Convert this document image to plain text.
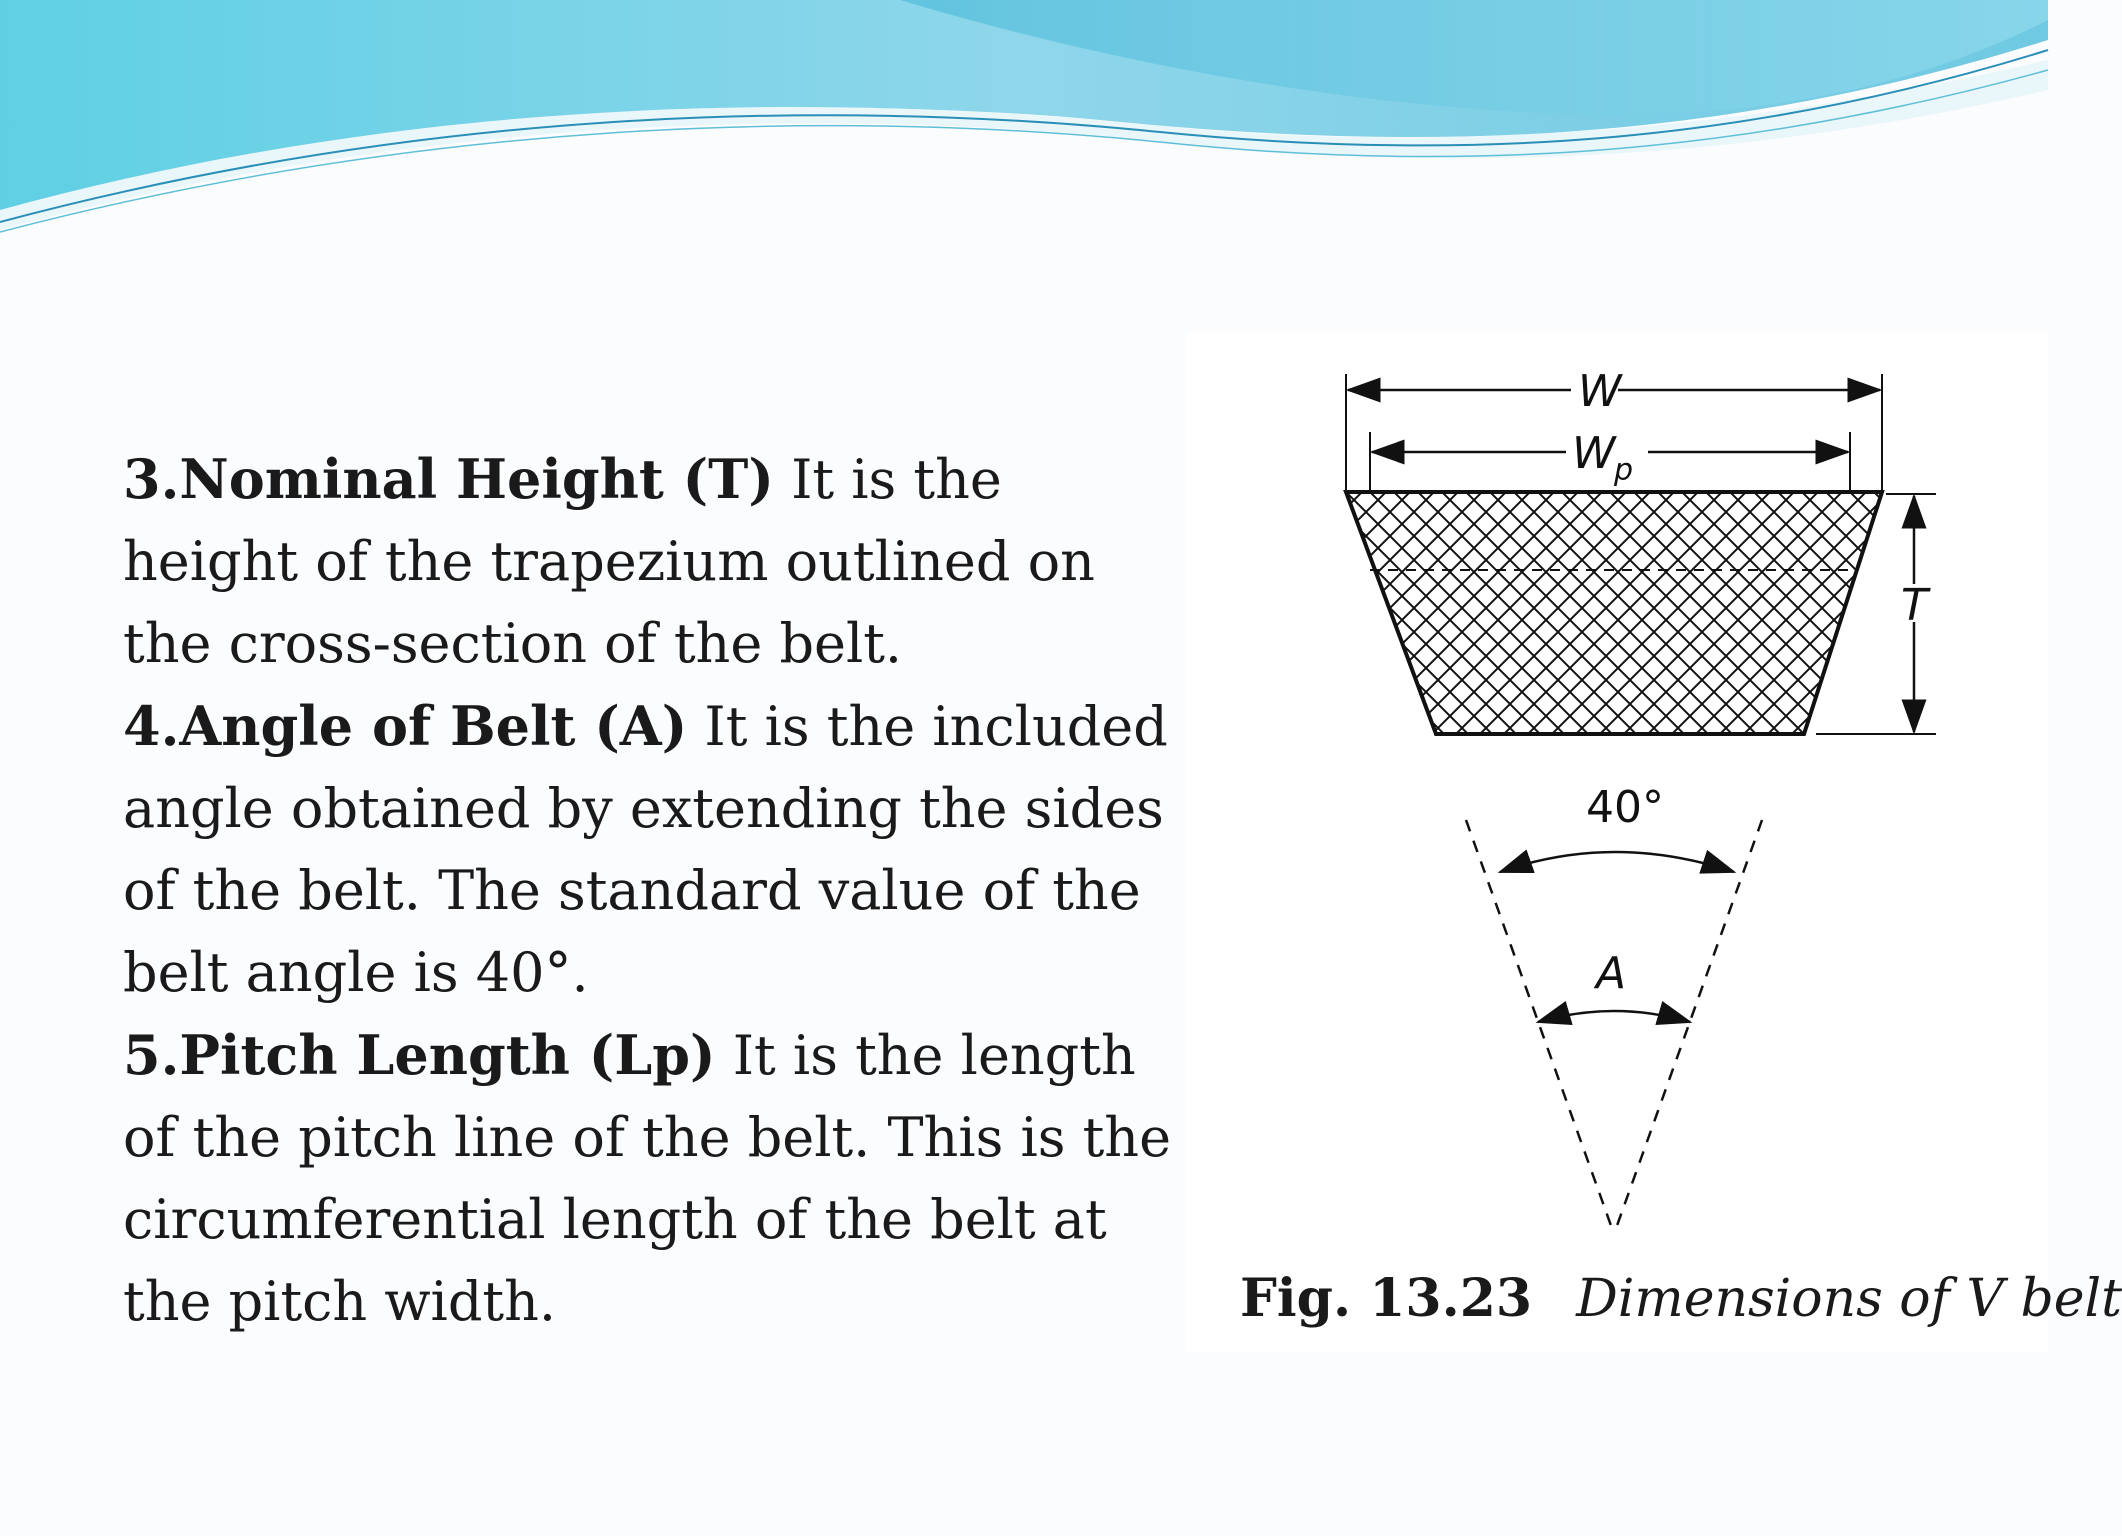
3.Nominal Height (T) It is the height of the trapezium outlined on the cross-section of the belt.

4.Angle of Belt (A) It is the included angle obtained by extending the sides of the belt. The standard value of the belt angle is 40°.

5.Pitch Length (Lp) It is the length of the pitch line of the belt. This is the circumferential length of the belt at the pitch width.

W
W
p
T
40°
A
Fig. 13.23 Dimensions of V belt
